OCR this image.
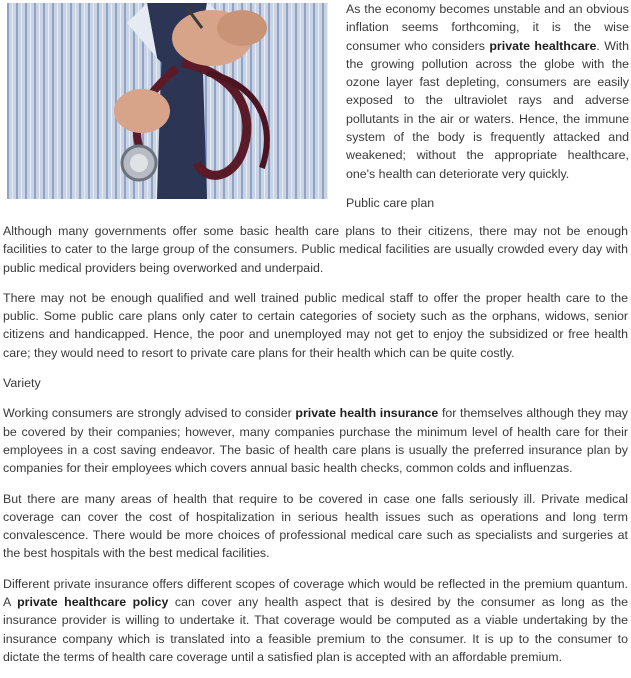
As the economy becomes unstable and an obvious inflation seems forthcoming, it is the wise consumer who considers private healthcare. With the growing pollution across the globe with the ozone layer fast depleting, consumers are easily exposed to the ultraviolet rays and adverse pollutants in the air or waters. Hence, the immune system of the body is frequently attacked and weakened; without the appropriate healthcare, one's health can deteriorate very quickly.

Public care plan

Although many governments offer some basic health care plans to their citizens, there may not be enough facilities to cater to the large group of the consumers. Public medical facilities are usually crowded every day with public medical providers being overworked and underpaid.

There may not be enough qualified and well trained public medical staff to offer the proper health care to the public. Some public care plans only cater to certain categories of society such as the orphans, widows, senior citizens and handicapped. Hence, the poor and unemployed may not get to enjoy the subsidized or free health care; they would need to resort to private care plans for their health which can be quite costly.

Variety

Working consumers are strongly advised to consider private health insurance for themselves although they may be covered by their companies; however, many companies purchase the minimum level of health care for their employees in a cost saving endeavor. The basic of health care plans is usually the preferred insurance plan by companies for their employees which covers annual basic health checks, common colds and influenzas.

But there are many areas of health that require to be covered in case one falls seriously ill. Private medical coverage can cover the cost of hospitalization in serious health issues such as operations and long term convalescence. There would be more choices of professional medical care such as specialists and surgeries at the best hospitals with the best medical facilities.

Different private insurance offers different scopes of coverage which would be reflected in the premium quantum. A private healthcare policy can cover any health aspect that is desired by the consumer as long as the insurance provider is willing to undertake it. That coverage would be computed as a viable undertaking by the insurance company which is translated into a feasible premium to the consumer. It is up to the consumer to dictate the terms of health care coverage until a satisfied plan is accepted with an affordable premium.
